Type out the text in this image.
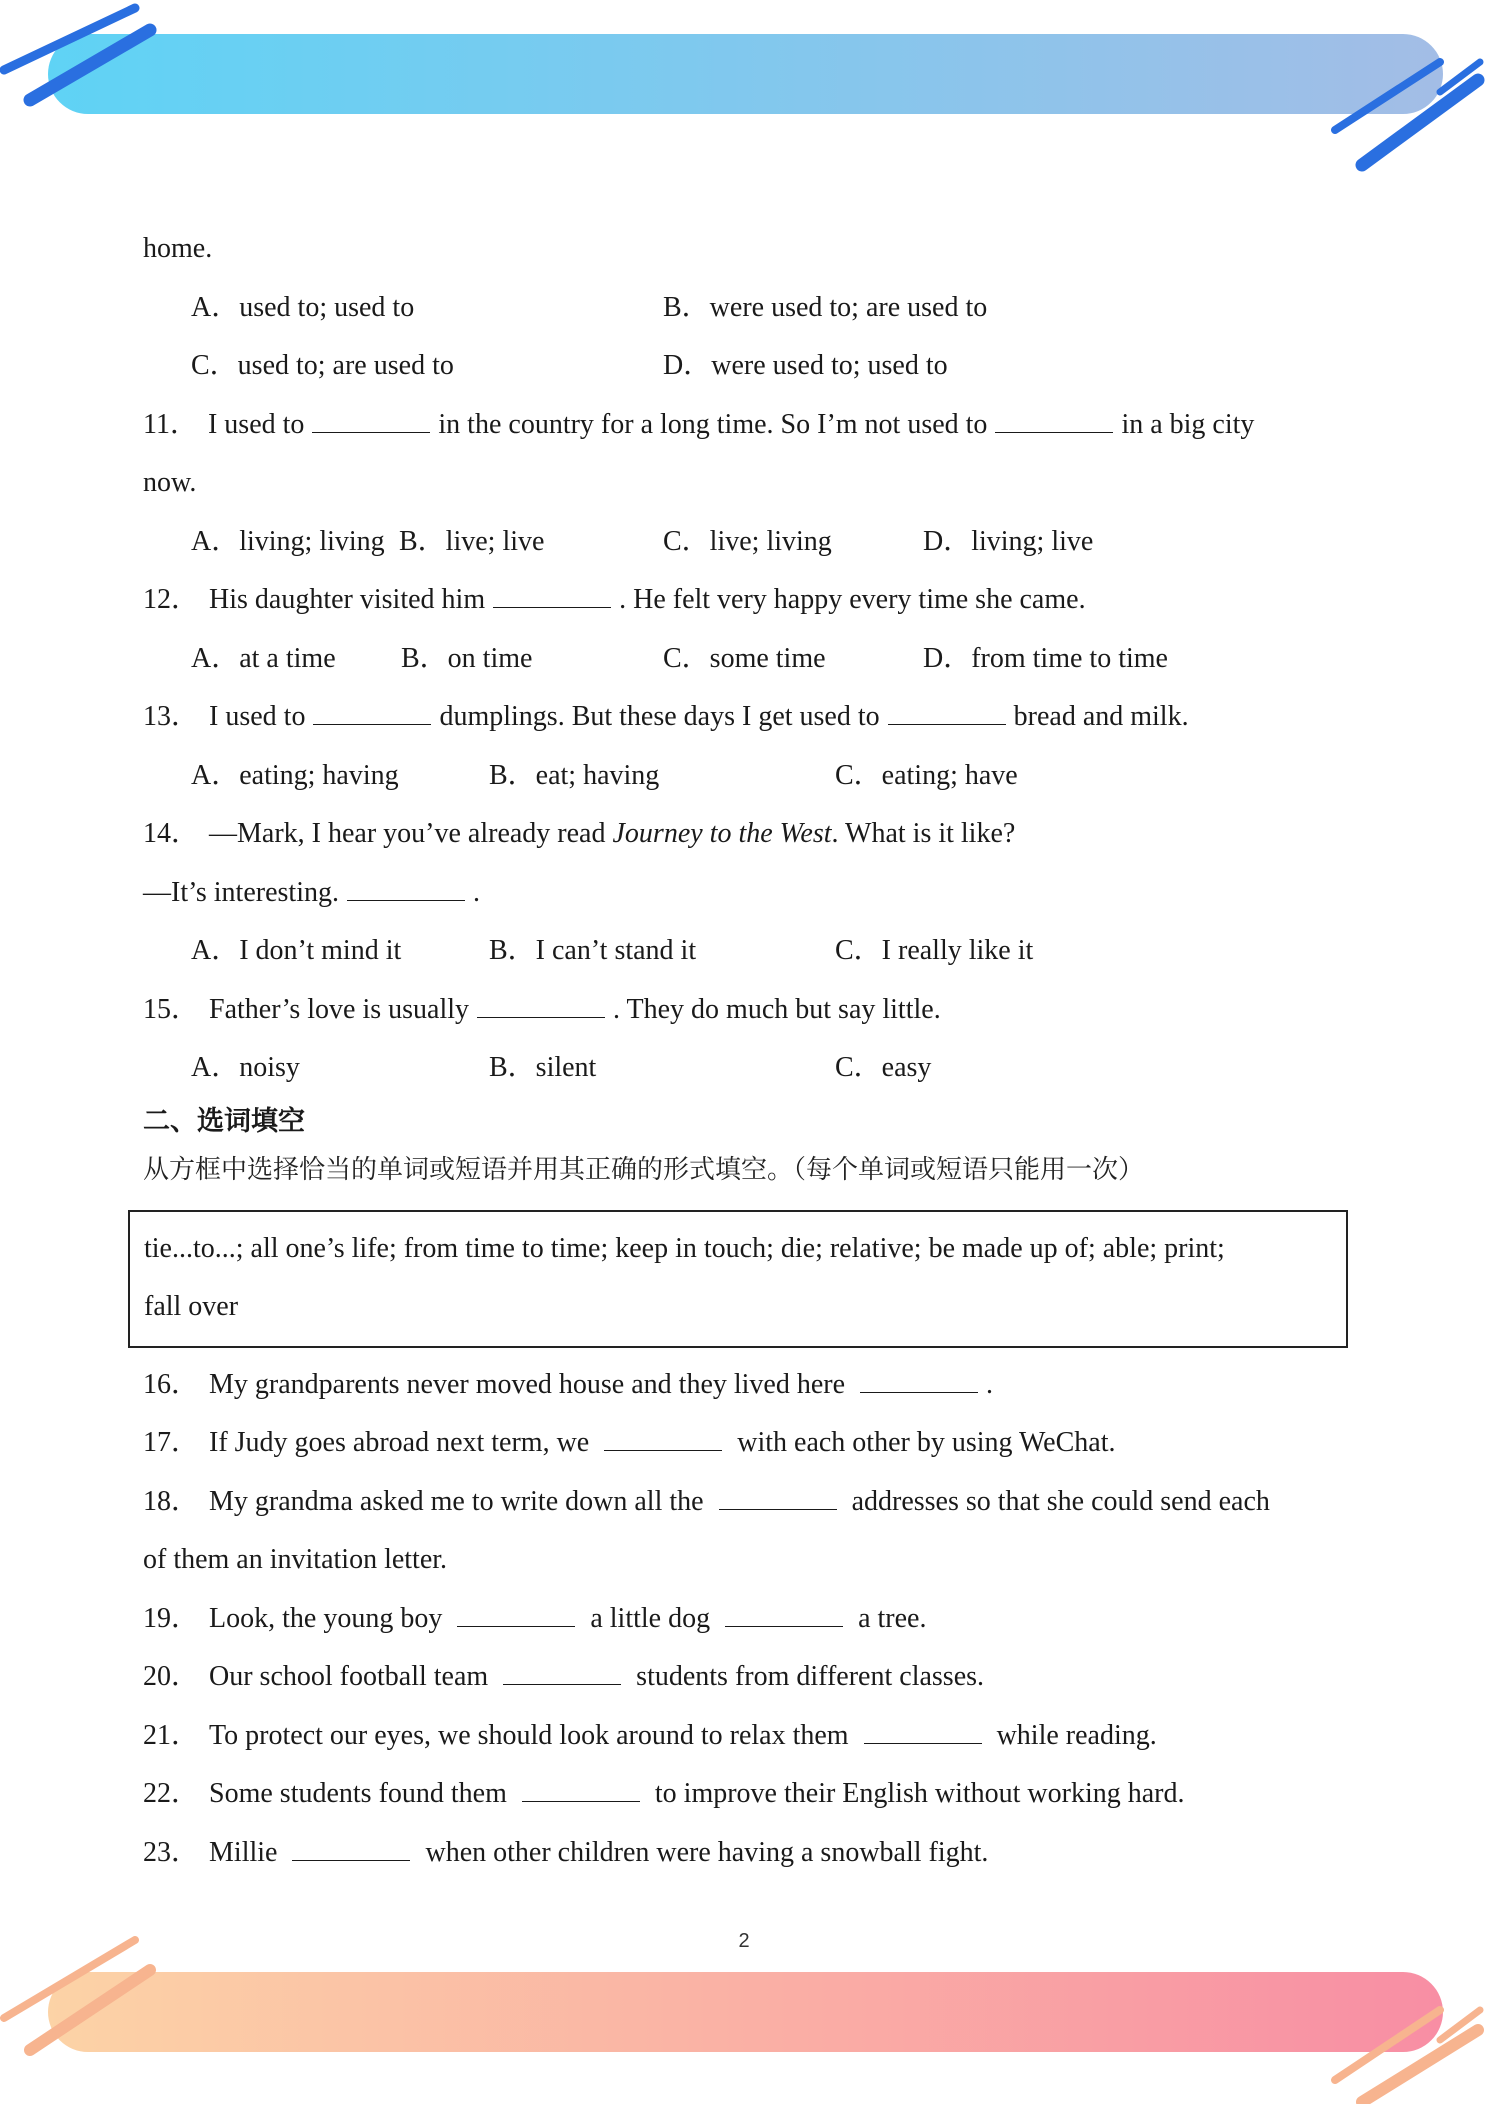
home.
A．used to; used to	B．were used to; are used to
C．used to; are used to	D．were used to; used to
11． I used to	in the country for a long time. So I’m not used to	in a big city
now.
A．living; living B．live; live	C．live; living	D．living; live
12． His daughter visited him	. He felt very happy every time she came.
A．at a time B．on time	C．some time	D．from time to time
13． I used to	dumplings. But these days I get used to	bread and milk.
A．eating; having	B．eat; having	C．eating; have
14． —Mark, I hear you’ve already read Journey to the West. What is it like?
—It’s interesting.	.
A．I don’t mind it	B．I can’t stand it	C．I really like it
15． Father’s love is usually	. They do much but say little.
A．noisy	B．silent	C．easy
二、选词填空
从方框中选择恰当的单词或短语并用其正确的形式填空。（每个单词或短语只能用一次）
tie...to...; all one’s life; from time to time; keep in touch; die; relative; be made up of; able; print;
fall over
16． My grandparents never moved house and they lived here	.
17． If Judy goes abroad next term, we	with each other by using WeChat.
18． My grandma asked me to write down all the	addresses so that she could send each
of them an invitation letter.
19． Look, the young boy	a little dog	a tree.
20． Our school football team	students from different classes.
21． To protect our eyes, we should look around to relax them	while reading.
22． Some students found them	to improve their English without working hard.
23． Millie	when other children were having a snowball fight.
2
